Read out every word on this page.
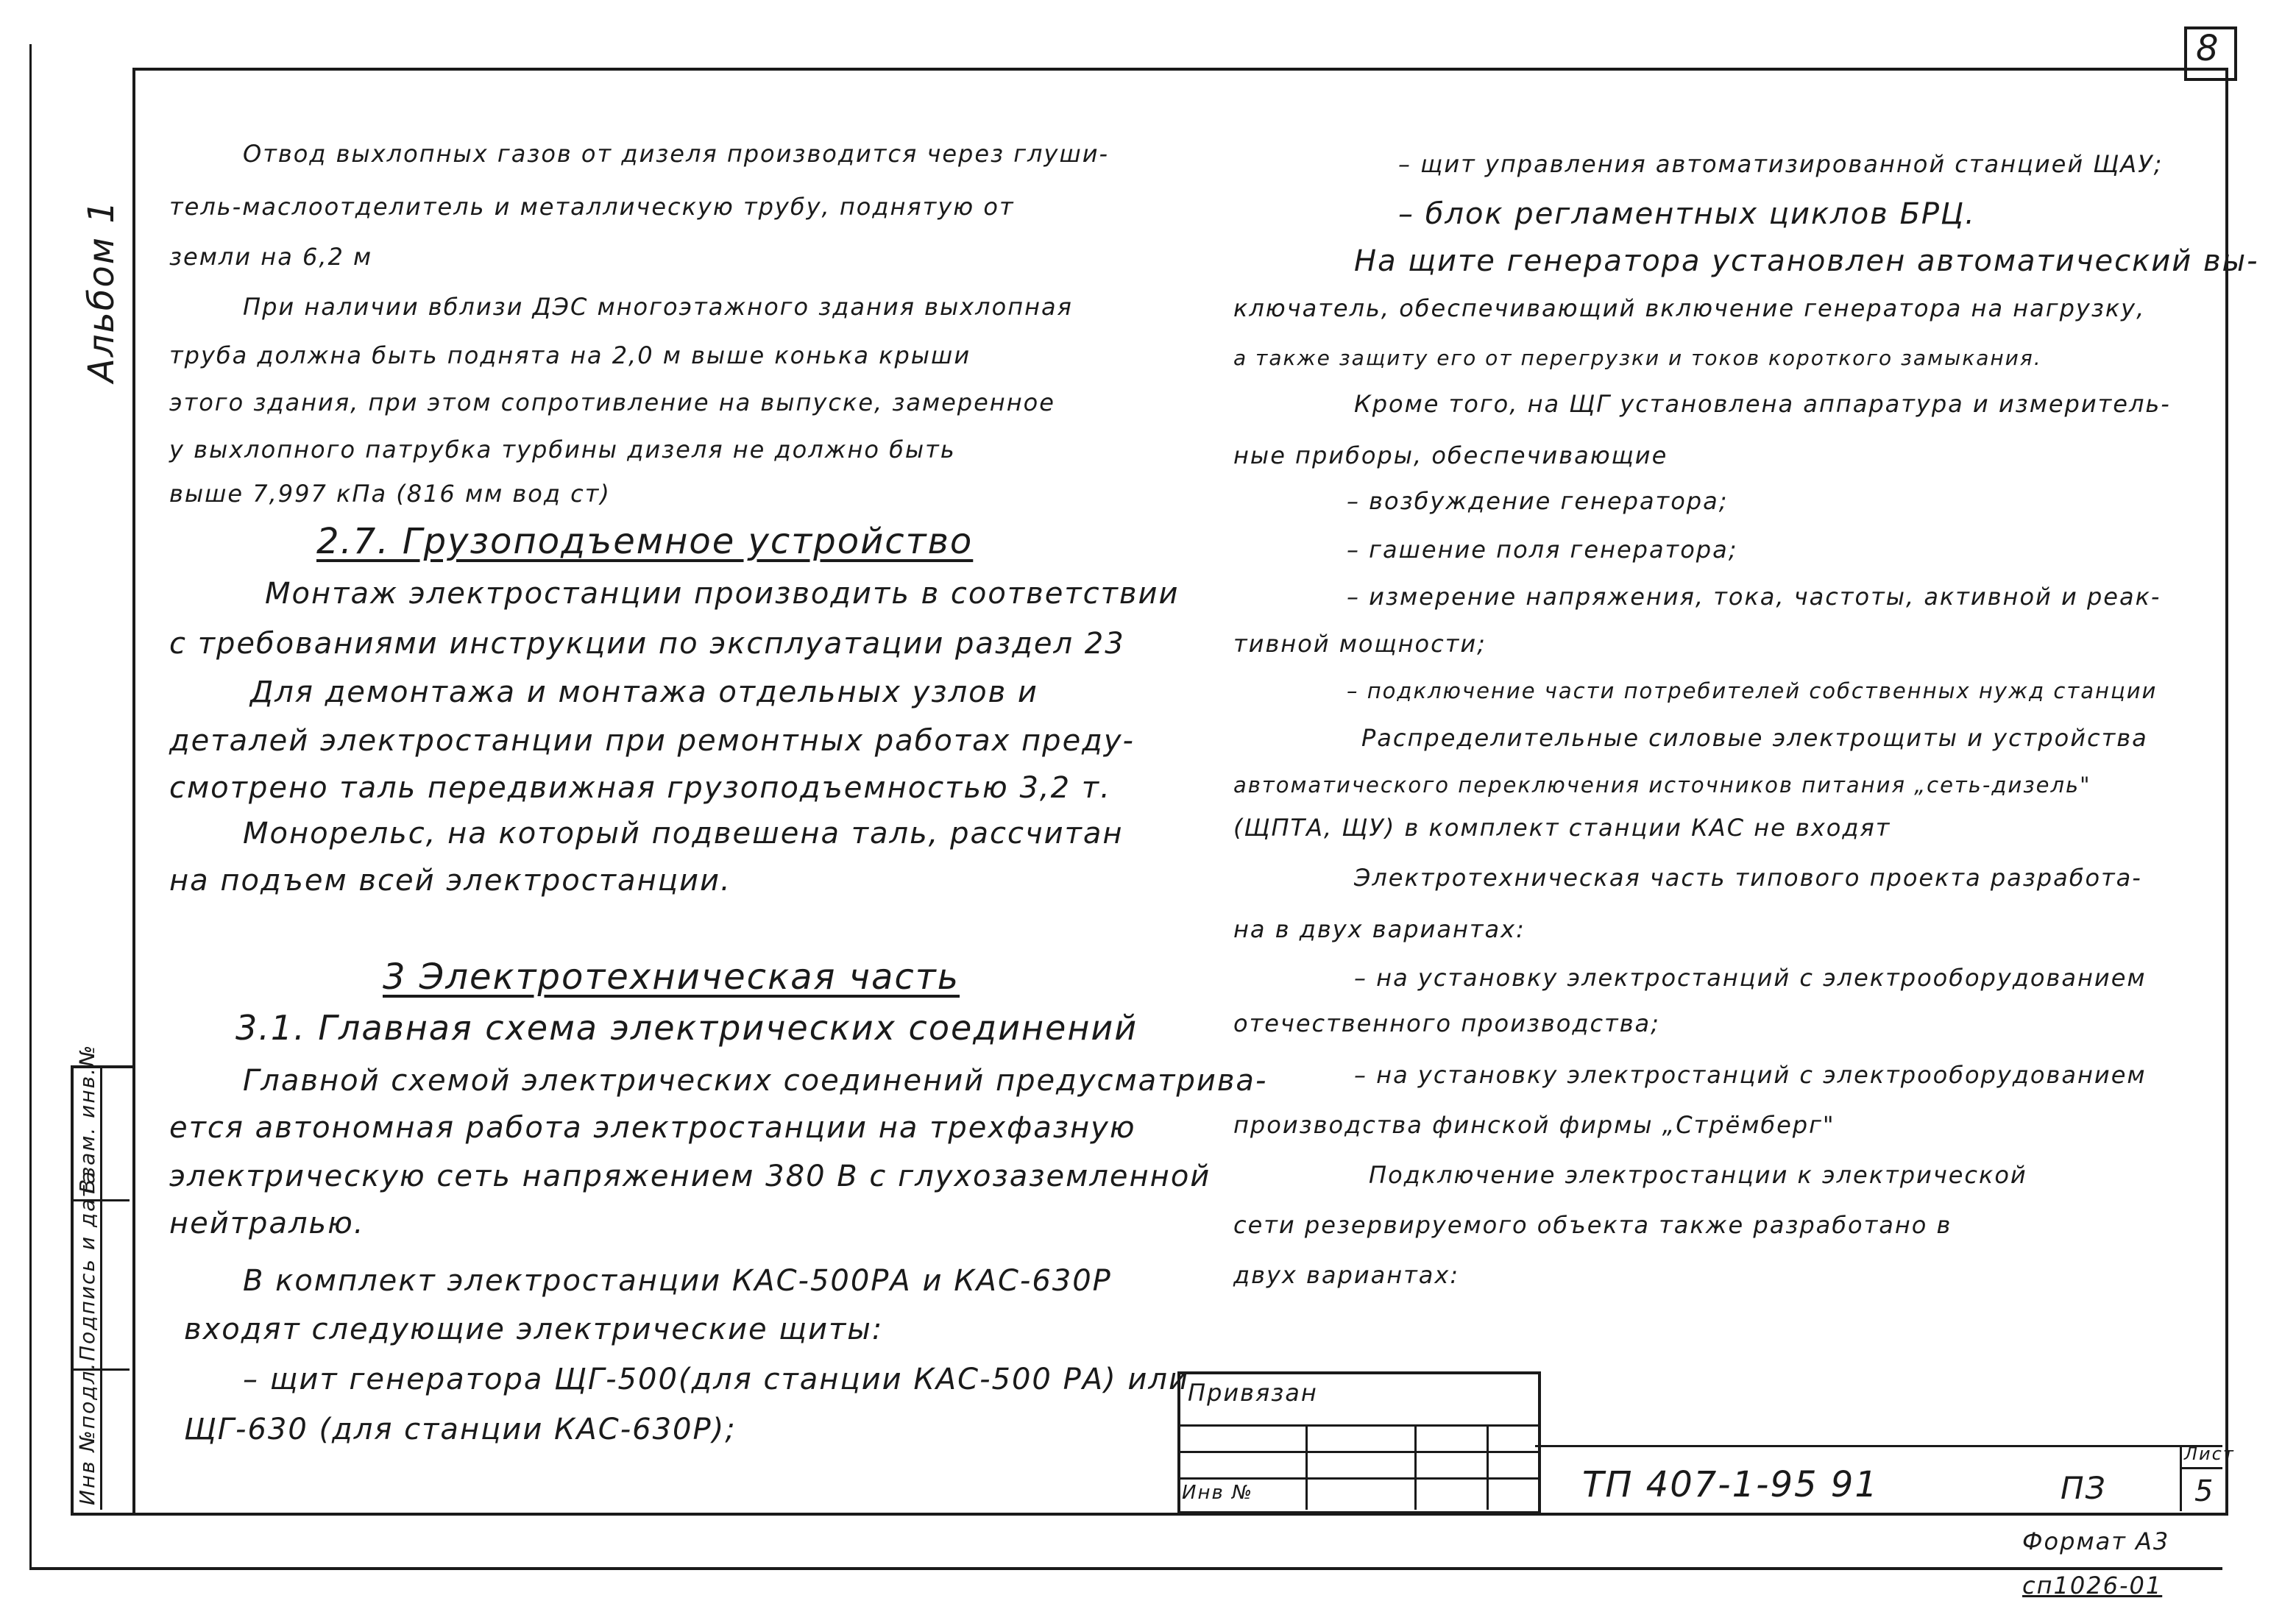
8
Альбом 1
Инв №подл.
Подпись и дата
Взам. инв.№
Отвод выхлопных газов от дизеля производится через глуши-
тель-маслоотделитель и металлическую трубу, поднятую от
земли на 6,2 м
При наличии вблизи ДЭС многоэтажного здания выхлопная
труба должна быть поднята на 2,0 м выше конька крыши
этого здания, при этом сопротивление на выпуске, замеренное
у выхлопного патрубка турбины дизеля не должно быть
выше 7,997 кПа (816 мм вод ст)
2.7. Грузоподъемное устройство
Монтаж электростанции производить в соответствии
с требованиями инструкции по эксплуатации раздел 23
Для демонтажа и монтажа отдельных узлов и
деталей электростанции при ремонтных работах преду-
смотрено таль передвижная грузоподъемностью 3,2 т.
Монорельс, на который подвешена таль, рассчитан
на подъем всей электростанции.
3 Электротехническая часть
3.1. Главная схема электрических соединений
Главной схемой электрических соединений предусматрива-
ется автономная работа электростанции на трехфазную
электрическую сеть напряжением 380 В с глухозаземленной
нейтралью.
В комплект электростанции КАС-500РА и КАС-630Р
входят следующие электрические щиты:
– щит генератора ЩГ-500(для станции КАС-500 РА) или
ЩГ-630 (для станции КАС-630Р);
– щит управления автоматизированной станцией ЩАУ;
– блок регламентных циклов БРЦ.
На щите генератора установлен автоматический вы-
ключатель, обеспечивающий включение генератора на нагрузку,
а также защиту его от перегрузки и токов короткого замыкания.
Кроме того, на ЩГ установлена аппаратура и измеритель-
ные приборы, обеспечивающие
– возбуждение генератора;
– гашение поля генератора;
– измерение напряжения, тока, частоты, активной и реак-
тивной мощности;
– подключение части потребителей собственных нужд станции
Распределительные силовые электрощиты и устройства
автоматического переключения источников питания „сеть-дизель"
(ЩПТА, ЩУ) в комплект станции КАС не входят
Электротехническая часть типового проекта разработа-
на в двух вариантах:
– на установку электростанций с электрооборудованием
отечественного производства;
– на установку электростанций с электрооборудованием
производства финской фирмы „Стрёмберг"
Подключение электростанции к электрической
сети резервируемого объекта также разработано в
двух вариантах:
Привязан
Инв №	ТП 407-1-95 91	ПЗ
Лист
5
Формат А3
сп1026-01
